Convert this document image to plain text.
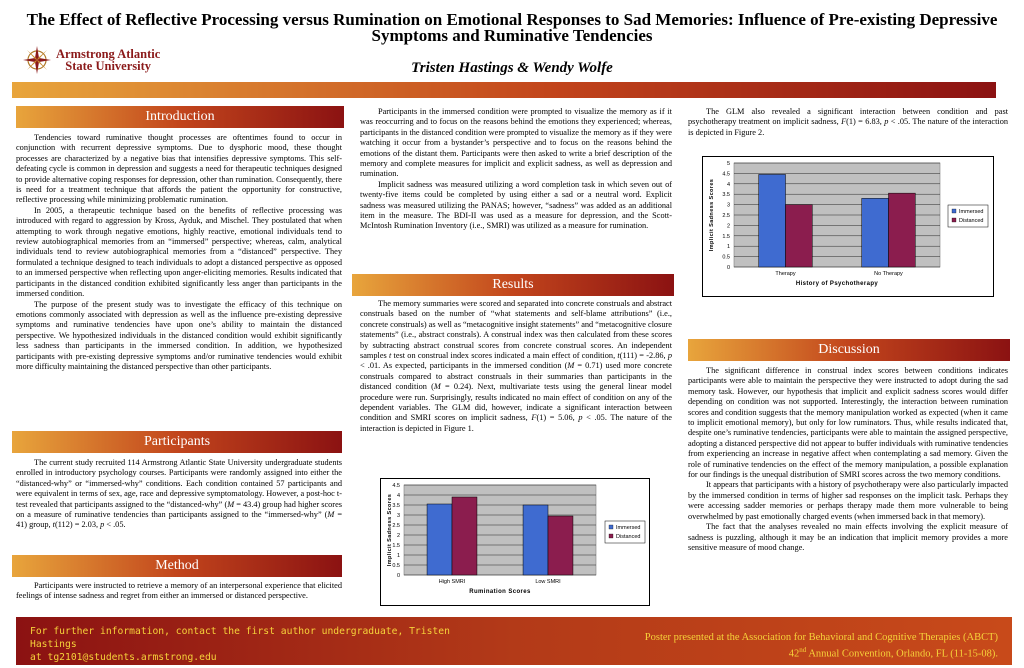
The Effect of Reflective Processing versus Rumination on Emotional Responses to Sad Memories: Influence of Pre-existing Depressive Symptoms and Ruminative Tendencies
Tristen Hastings & Wendy Wolfe
Armstrong Atlantic
State University
Introduction

Tendencies toward ruminative thought processes are oftentimes found to occur in conjunction with recurrent depressive symptoms. Due to dysphoric mood, these thought processes are characterized by a negative bias that intensifies depressive symptoms. This self-defeating cycle is common in depression and suggests a need for therapeutic techniques designed to provide alternative coping responses for depression, other than rumination. Consequently, there is need for a treatment technique that affords the patient the opportunity for constructive, reflective processing while minimizing problematic rumination.

In 2005, a therapeutic technique based on the benefits of reflective processing was introduced with regard to aggression by Kross, Ayduk, and Mischel. They postulated that when attempting to work through negative emotions, highly reactive, emotional individuals tend to review autobiographical memories from an “immersed” perspective; whereas, calm, analytical individuals tend to review autobiographical memories from a “distanced” perspective. They formulated a technique designed to teach individuals to adopt a distanced perspective as opposed to an immersed perspective when reflecting upon anger-eliciting memories. Results indicated that participants in the distanced condition exhibited significantly less anger than participants in the immersed condition.

The purpose of the present study was to investigate the efficacy of this technique on emotions commonly associated with depression as well as the influence pre-existing depressive symptoms and ruminative tendencies have upon one’s ability to maintain the distanced perspective. We hypothesized individuals in the distanced condition would exhibit significantly less sadness than participants in the immersed condition. In addition, we hypothesized participants with pre-existing depressive symptoms and/or ruminative tendencies would exhibit more difficulty maintaining the distanced perspective than other participants.

Participants

The current study recruited 114 Armstrong Atlantic State University undergraduate students enrolled in introductory psychology courses. Participants were randomly assigned into either the “distanced-why” or “immersed-why” conditions. Each condition contained 57 participants and were equivalent in terms of sex, age, race and depressive symptomatology. However, a post-hoc t-test revealed that participants assigned to the “distanced-why” (M = 43.4) group had higher scores on a measure of ruminative tendencies than participants assigned to the “immersed-why” (M = 41) group, t(112) = 2.03, p < .05.

Method

Participants were instructed to retrieve a memory of an interpersonal experience that elicited feelings of intense sadness and regret from either an immersed or distanced perspective.

Participants in the immersed condition were prompted to visualize the memory as if it was reoccurring and to focus on the reasons behind the emotions they experienced; whereas, participants in the distanced condition were prompted to visualize the memory as if they were watching it occur from a bystander’s perspective and to focus on the reasons behind the emotions of the distant them. Participants were then asked to write a brief description of the memory and complete measures for implicit and explicit sadness, as well as depression and rumination.

Implicit sadness was measured utilizing a word completion task in which seven out of twenty-five items could be completed by using either a sad or a neutral word. Explicit sadness was measured utilizing the PANAS; however, “sadness” was added as an additional item in the measure. The BDI-II was used as a measure for depression, and the Scott-McIntosh Rumination Inventory (i.e., SMRI) was utilized as a measure for rumination.

Results

The memory summaries were scored and separated into concrete construals and abstract construals based on the number of “what statements and self-blame attributions” (i.e., concrete construals) as well as “metacognitive insight statements” and “metacognitive closure statements” (i.e., abstract constrals). A construal index was then calculated from these scores by subtracting abstract construal scores from concrete construal scores. An independent samples t test on construal index scores indicated a main effect of condition, t(111) = -2.86, p < .01. As expected, participants in the immersed condition (M = 0.71) used more concrete construals compared to abstract construals in their summaries than participants in the distanced condition (M = 0.24). Next, multivariate tests using the general linear model procedure were run. Surprisingly, results indicated no main effect of condition on any of the dependent variables. The GLM did, however, indicate a significant interaction between condition and SMRI scores on implicit sadness, F(1) = 5.06, p < .05. The nature of the interaction is depicted in Figure 1.

0
0.5
1
1.5
2
2.5
3
3.5
4
4.5
High SMRI	Low SMRI
Rumination Scores
Implicit Sadness Scores	Immersed
Distanced

The GLM also revealed a significant interaction between condition and past psychotherapy treatment on implicit sadness, F(1) = 6.83, p < .05. The nature of the interaction is depicted in Figure 2.

0
0.5
1
1.5
2
2.5
3
3.5
4
4.5
5
Therapy	No Therapy
History of Psychotherapy
Implicit Sadness Scores	Immersed
Distanced
Discussion

The significant difference in construal index scores between conditions indicates participants were able to maintain the perspective they were instructed to adopt during the sad memory task. However, our hypothesis that implicit and explicit sadness scores would differ depending on condition was not supported. Interestingly, the interaction between rumination scores and condition suggests that the memory manipulation worked as expected (when it came to implicit emotional memory), but only for low ruminators. Thus, while results indicated that, despite one’s ruminative tendencies, participants were able to maintain the assigned perspective, adopting a distanced perspective did not appear to buffer individuals with ruminative tendencies from experiencing an increase in negative affect when contemplating a sad memory. Given the role of ruminative tendencies on the effect of the memory manipulation, a possible explanation for our findings is the unequal distribution of SMRI scores across the two memory conditions.

It appears that participants with a history of psychotherapy were also particularly impacted by the immersed condition in terms of higher sad responses on the implicit task. Perhaps they were accessing sadder memories or perhaps therapy made them more vulnerable to being overwhelmed by past emotionally charged events (when immersed back in that memory).

The fact that the analyses revealed no main effects involving the explicit measure of sadness is puzzling, although it may be an indication that implicit memory provides a more sensitive measure of mood change.

For further information, contact the first author undergraduate, Tristen Hastings
at tg2101@students.armstrong.edu
Poster presented at the Association for Behavioral and Cognitive Therapies (ABCT)
42nd Annual Convention, Orlando, FL (11-15-08).
